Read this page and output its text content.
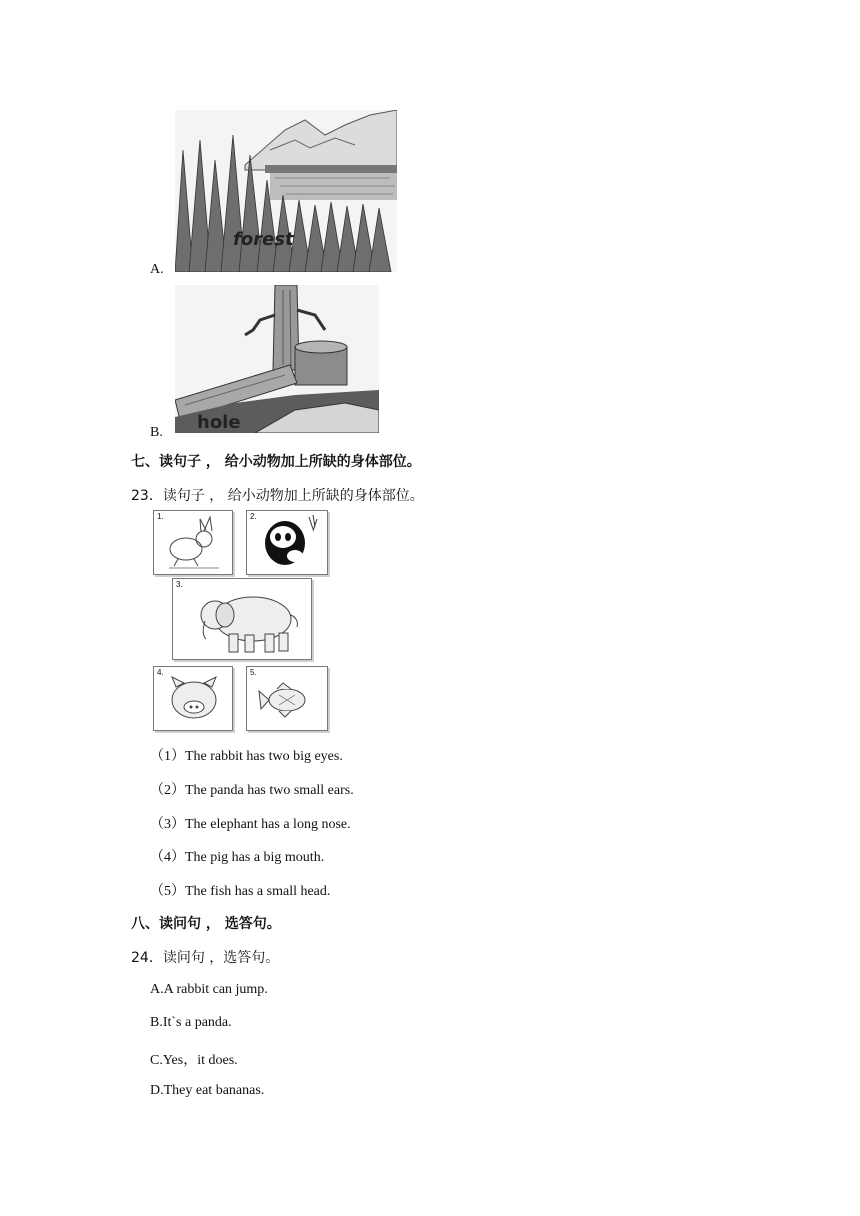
forest
A.
hole
B.
七、读句子 ， 给小动物加上所缺的身体部位。
23．读句子 ， 给小动物加上所缺的身体部位。
1.	2.
3.
4.	5.
（1）The rabbit has two big eyes.
（2）The panda has two small ears.
（3）The elephant has a long nose.
（4）The pig has a big mouth.
（5）The fish has a small head.
八、读问句 ， 选答句。
24．读问句 ，选答句。
A.A rabbit can jump.
B.It`s a panda.
C.Yes，it does.
D.They eat bananas.
